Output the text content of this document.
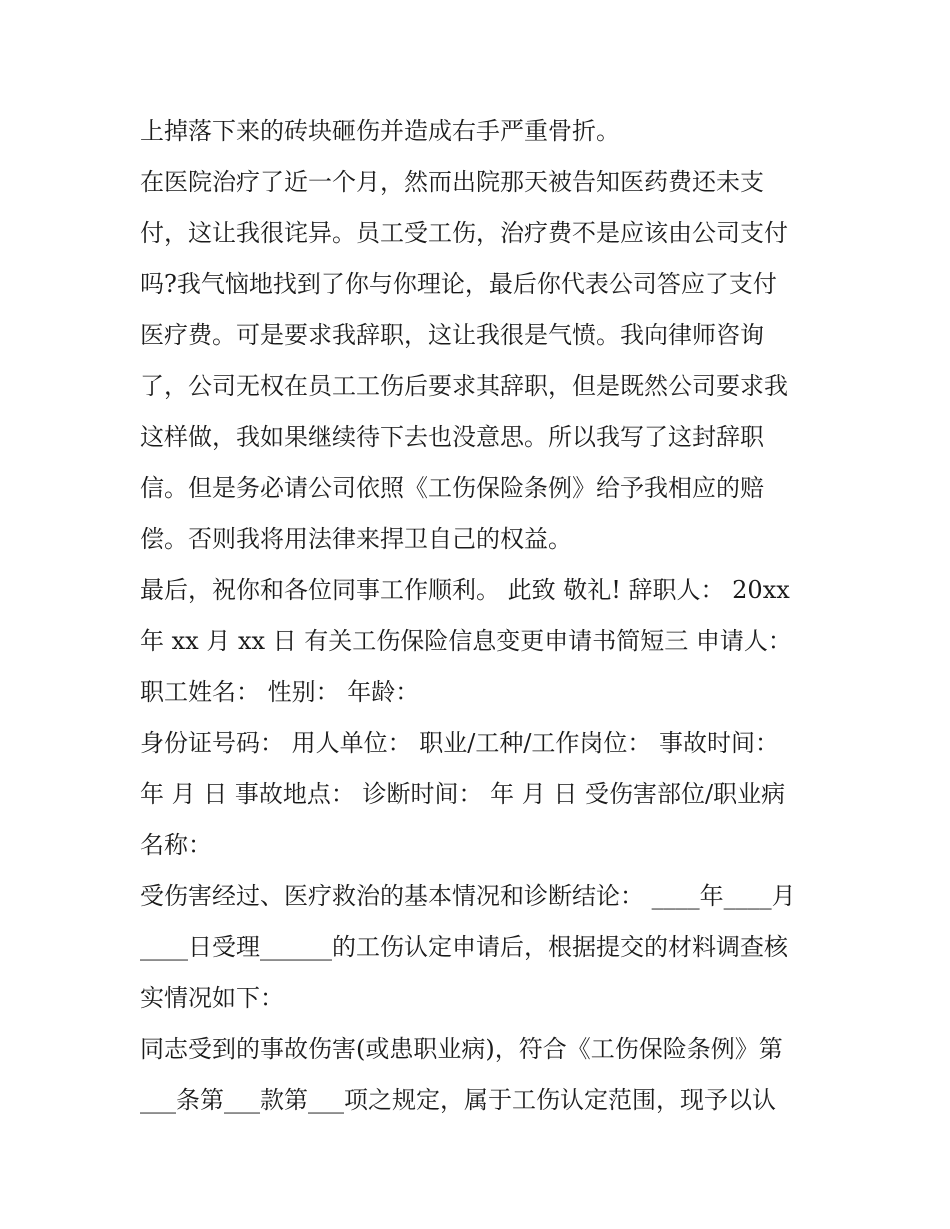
上掉落下来的砖块砸伤并造成右手严重骨折。
在医院治疗了近一个月，然而出院那天被告知医药费还未支
付，这让我很诧异。员工受工伤，治疗费不是应该由公司支付
吗?我气恼地找到了你与你理论，最后你代表公司答应了支付
医疗费。可是要求我辞职，这让我很是气愤。我向律师咨询
了，公司无权在员工工伤后要求其辞职，但是既然公司要求我
这样做，我如果继续待下去也没意思。所以我写了这封辞职
信。但是务必请公司依照《工伤保险条例》给予我相应的赔
偿。否则我将用法律来捍卫自己的权益。
最后，祝你和各位同事工作顺利。 此致 敬礼! 辞职人： 20xx
年 xx 月 xx 日 有关工伤保险信息变更申请书简短三 申请人：
职工姓名： 性别： 年龄：
身份证号码： 用人单位： 职业/工种/工作岗位： 事故时间：
年 月 日 事故地点： 诊断时间： 年 月 日 受伤害部位/职业病
名称：
受伤害经过、医疗救治的基本情况和诊断结论： ____年____月
____日受理______的工伤认定申请后，根据提交的材料调查核
实情况如下：
同志受到的事故伤害(或患职业病)，符合《工伤保险条例》第
___条第___款第___项之规定，属于工伤认定范围，现予以认
